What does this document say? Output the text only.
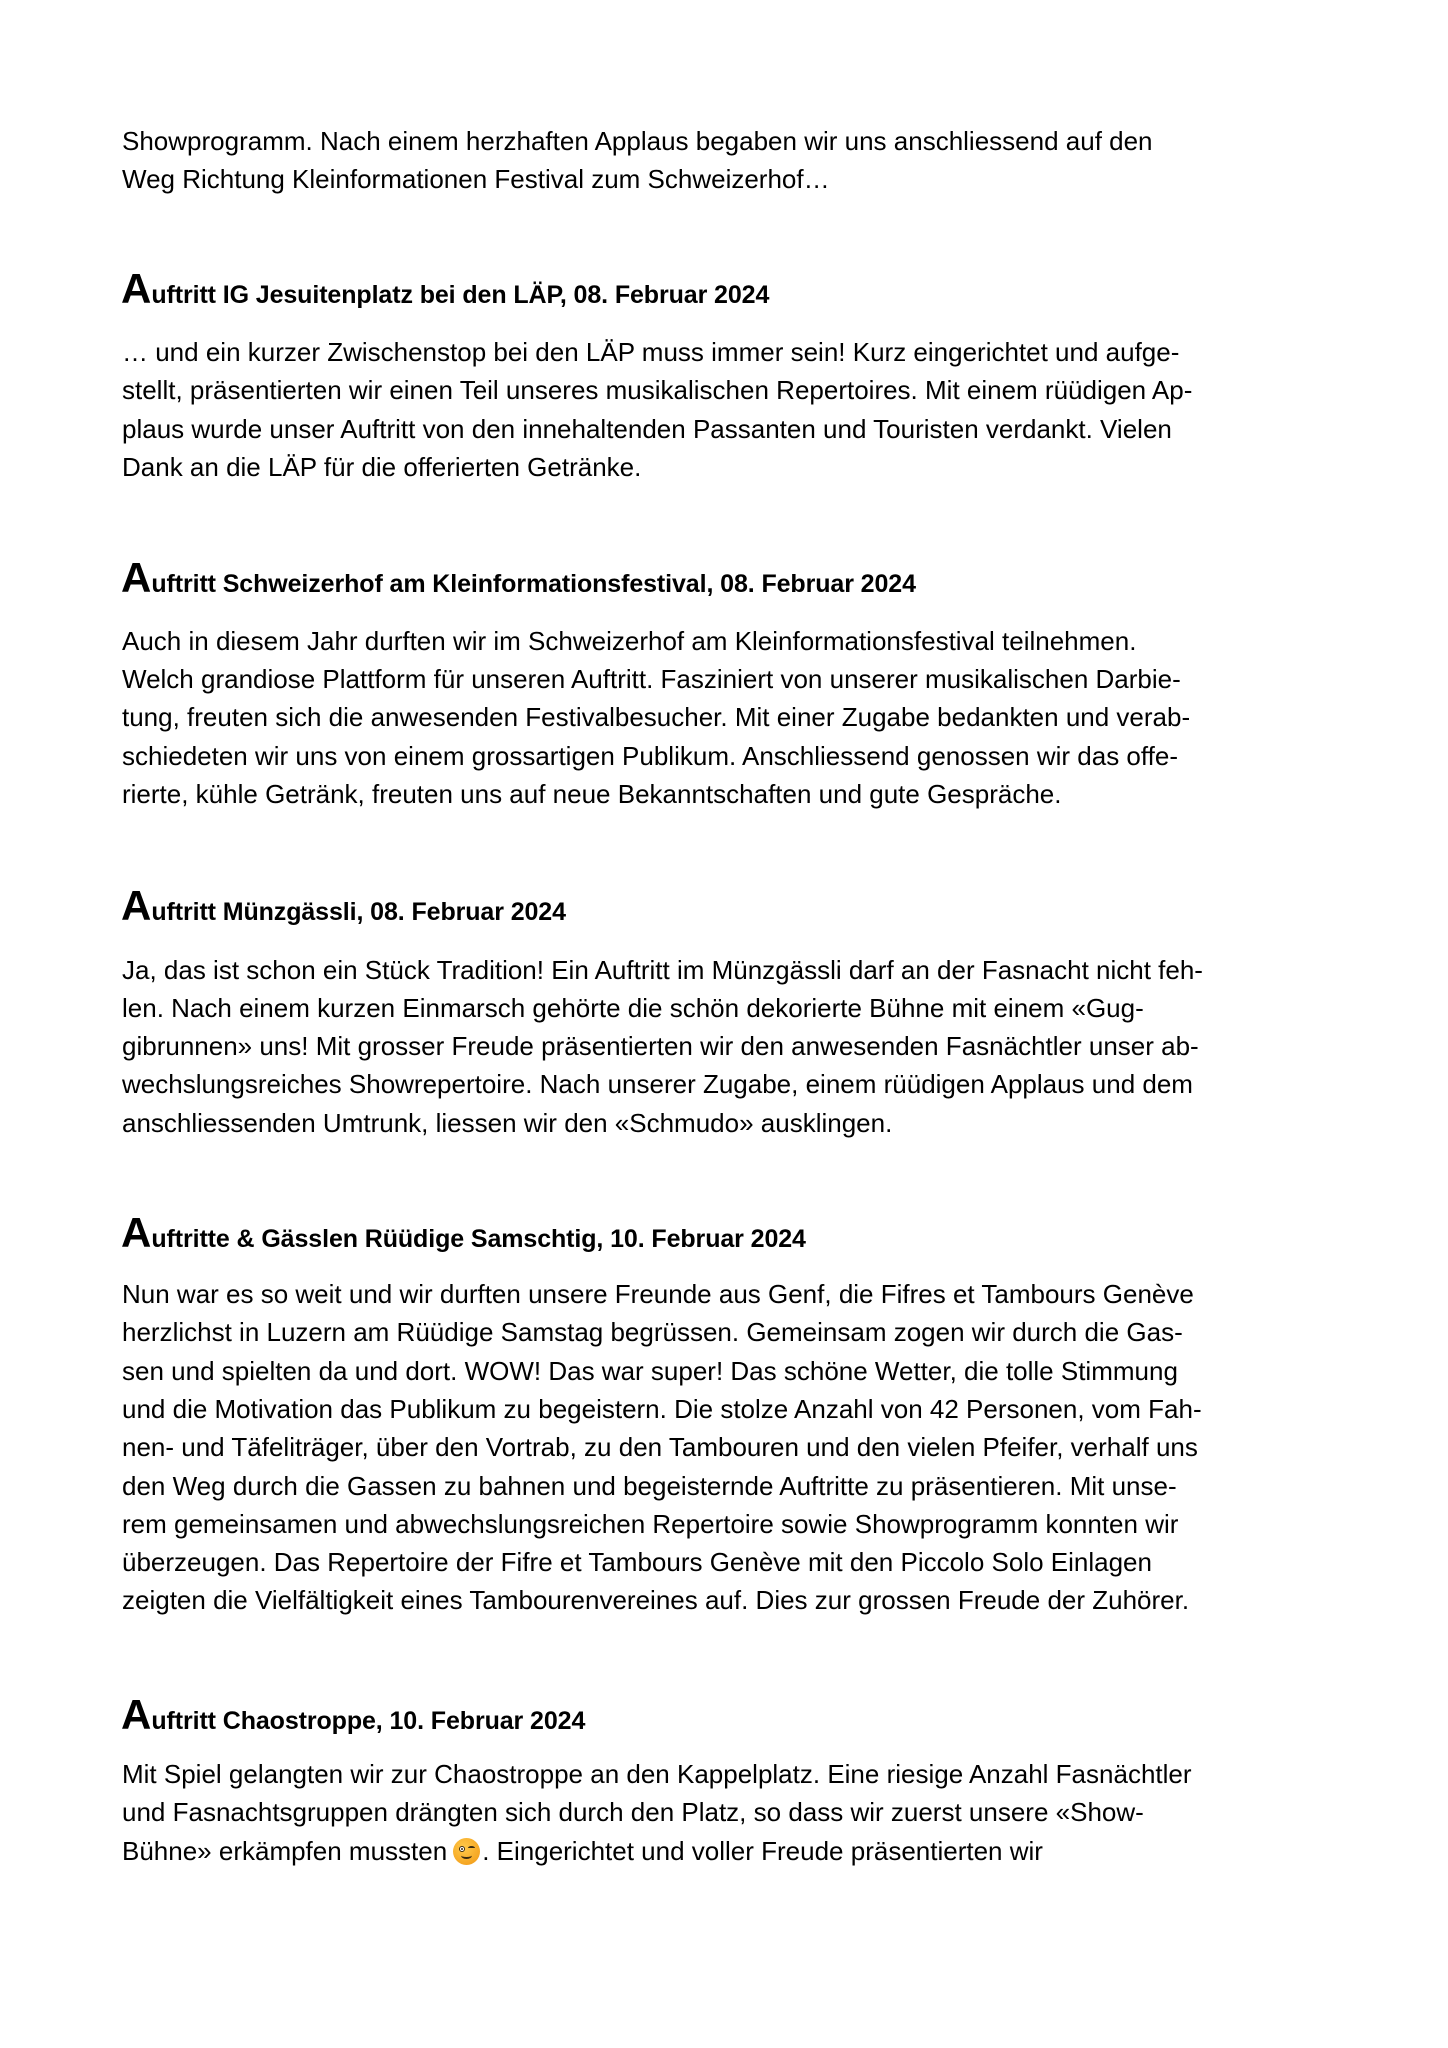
Showprogramm. Nach einem herzhaften Applaus begaben wir uns anschliessend auf den
Weg Richtung Kleinformationen Festival zum Schweizerhof…
Auftritt IG Jesuitenplatz bei den LÄP, 08. Februar 2024
… und ein kurzer Zwischenstop bei den LÄP muss immer sein! Kurz eingerichtet und aufge-
stellt, präsentierten wir einen Teil unseres musikalischen Repertoires. Mit einem rüüdigen Ap-
plaus wurde unser Auftritt von den innehaltenden Passanten und Touristen verdankt. Vielen
Dank an die LÄP für die offerierten Getränke.
Auftritt Schweizerhof am Kleinformationsfestival, 08. Februar 2024
Auch in diesem Jahr durften wir im Schweizerhof am Kleinformationsfestival teilnehmen.
Welch grandiose Plattform für unseren Auftritt. Fasziniert von unserer musikalischen Darbie-
tung, freuten sich die anwesenden Festivalbesucher. Mit einer Zugabe bedankten und verab-
schiedeten wir uns von einem grossartigen Publikum. Anschliessend genossen wir das offe-
rierte, kühle Getränk, freuten uns auf neue Bekanntschaften und gute Gespräche.
Auftritt Münzgässli, 08. Februar 2024
Ja, das ist schon ein Stück Tradition! Ein Auftritt im Münzgässli darf an der Fasnacht nicht feh-
len. Nach einem kurzen Einmarsch gehörte die schön dekorierte Bühne mit einem «Gug-
gibrunnen» uns! Mit grosser Freude präsentierten wir den anwesenden Fasnächtler unser ab-
wechslungsreiches Showrepertoire. Nach unserer Zugabe, einem rüüdigen Applaus und dem
anschliessenden Umtrunk, liessen wir den «Schmudo» ausklingen.
Auftritte & Gässlen Rüüdige Samschtig, 10. Februar 2024
Nun war es so weit und wir durften unsere Freunde aus Genf, die Fifres et Tambours Genève
herzlichst in Luzern am Rüüdige Samstag begrüssen. Gemeinsam zogen wir durch die Gas-
sen und spielten da und dort. WOW! Das war super! Das schöne Wetter, die tolle Stimmung
und die Motivation das Publikum zu begeistern. Die stolze Anzahl von 42 Personen, vom Fah-
nen- und Täfeliträger, über den Vortrab, zu den Tambouren und den vielen Pfeifer, verhalf uns
den Weg durch die Gassen zu bahnen und begeisternde Auftritte zu präsentieren. Mit unse-
rem gemeinsamen und abwechslungsreichen Repertoire sowie Showprogramm konnten wir
überzeugen. Das Repertoire der Fifre et Tambours Genève mit den Piccolo Solo Einlagen
zeigten die Vielfältigkeit eines Tambourenvereines auf. Dies zur grossen Freude der Zuhörer.
Auftritt Chaostroppe, 10. Februar 2024
Mit Spiel gelangten wir zur Chaostroppe an den Kappelplatz. Eine riesige Anzahl Fasnächtler
und Fasnachtsgruppen drängten sich durch den Platz, so dass wir zuerst unsere «Show-
Bühne» erkämpfen mussten . Eingerichtet und voller Freude präsentierten wir
